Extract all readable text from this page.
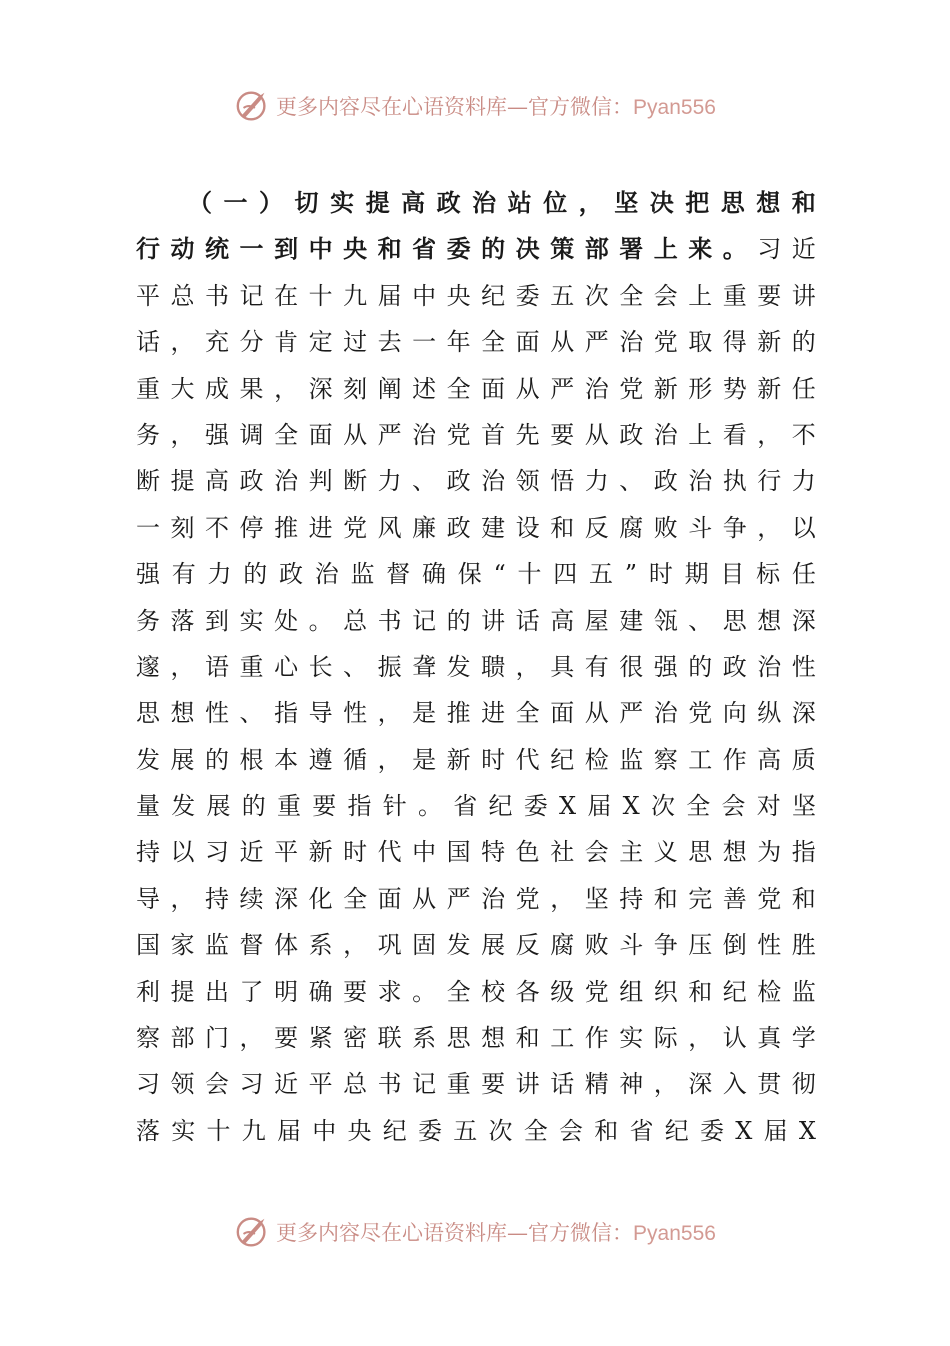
更多内容尽在心语资料库—官方微信：Pyan556
（ 一 ） 切 实 提 高 政 治 站 位 ， 坚 决 把 思 想 和
行 动 统 一 到 中 央 和 省 委 的 决 策 部 署 上 来 。 习 近
平 总 书 记 在 十 九 届 中 央 纪 委 五 次 全 会 上 重 要 讲
话 ， 充 分 肯 定 过 去 一 年 全 面 从 严 治 党 取 得 新 的
重 大 成 果 ， 深 刻 阐 述 全 面 从 严 治 党 新 形 势 新 任
务 ， 强 调 全 面 从 严 治 党 首 先 要 从 政 治 上 看 ， 不
断 提 高 政 治 判 断 力 、 政 治 领 悟 力 、 政 治 执 行 力
一 刻 不 停 推 进 党 风 廉 政 建 设 和 反 腐 败 斗 争 ， 以
强 有 力 的 政 治 监 督 确 保 “ 十 四 五 ” 时 期 目 标 任
务 落 到 实 处 。 总 书 记 的 讲 话 高 屋 建 瓴 、 思 想 深
邃 ， 语 重 心 长 、 振 聋 发 聩 ， 具 有 很 强 的 政 治 性
思 想 性 、 指 导 性 ， 是 推 进 全 面 从 严 治 党 向 纵 深
发 展 的 根 本 遵 循 ， 是 新 时 代 纪 检 监 察 工 作 高 质
量 发 展 的 重 要 指 针 。 省 纪 委 X 届 X 次 全 会 对 坚
持 以 习 近 平 新 时 代 中 国 特 色 社 会 主 义 思 想 为 指
导 ， 持 续 深 化 全 面 从 严 治 党 ， 坚 持 和 完 善 党 和
国 家 监 督 体 系 ， 巩 固 发 展 反 腐 败 斗 争 压 倒 性 胜
利 提 出 了 明 确 要 求 。 全 校 各 级 党 组 织 和 纪 检 监
察 部 门 ， 要 紧 密 联 系 思 想 和 工 作 实 际 ， 认 真 学
习 领 会 习 近 平 总 书 记 重 要 讲 话 精 神 ， 深 入 贯 彻
落 实 十 九 届 中 央 纪 委 五 次 全 会 和 省 纪 委 X 届 X
更多内容尽在心语资料库—官方微信：Pyan556
